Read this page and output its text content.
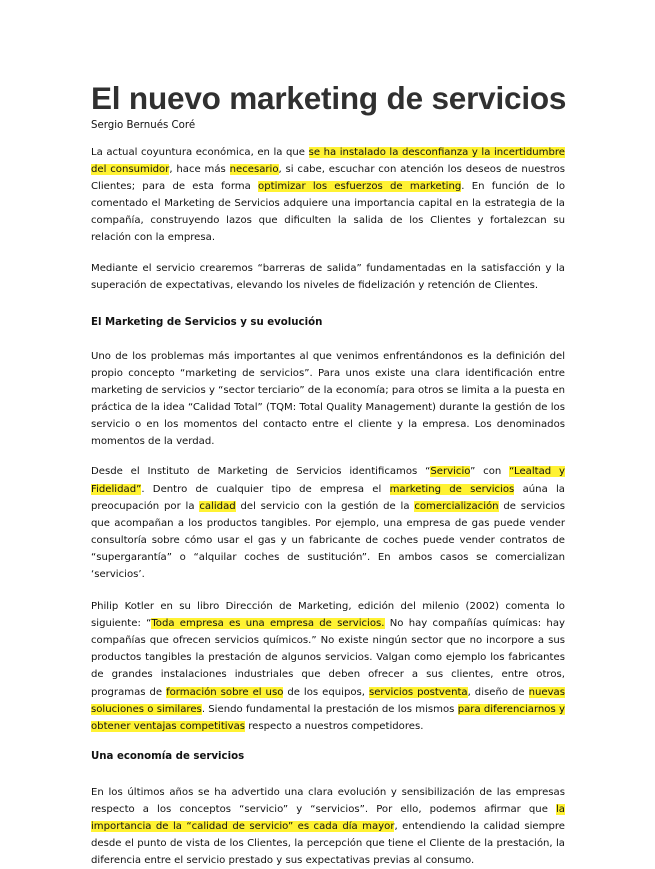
El nuevo marketing de servicios
Sergio Bernués Coré

La actual coyuntura económica, en la que se ha instalado la desconfianza y la incertidumbre del consumidor, hace más necesario, si cabe, escuchar con atención los deseos de nuestros Clientes; para de esta forma optimizar los esfuerzos de marketing. En función de lo comentado el Marketing de Servicios adquiere una importancia capital en la estrategia de la compañía, construyendo lazos que dificulten la salida de los Clientes y fortalezcan su relación con la empresa.

Mediante el servicio crearemos “barreras de salida” fundamentadas en la satisfacción y la superación de expectativas, elevando los niveles de fidelización y retención de Clientes.

El Marketing de Servicios y su evolución

Uno de los problemas más importantes al que venimos enfrentándonos es la definición del propio concepto “marketing de servicios”. Para unos existe una clara identificación entre marketing de servicios y “sector terciario” de la economía; para otros se limita a la puesta en práctica de la idea “Calidad Total” (TQM: Total Quality Management) durante la gestión de los servicio o en los momentos del contacto entre el cliente y la empresa. Los denominados momentos de la verdad.

Desde el Instituto de Marketing de Servicios identificamos “Servicio” con “Lealtad y Fidelidad”. Dentro de cualquier tipo de empresa el marketing de servicios aúna la preocupación por la calidad del servicio con la gestión de la comercialización de servicios que acompañan a los productos tangibles. Por ejemplo, una empresa de gas puede vender consultoría sobre cómo usar el gas y un fabricante de coches puede vender contratos de “supergarantía” o “alquilar coches de sustitución”. En ambos casos se comercializan ‘servicios’.

Philip Kotler en su libro Dirección de Marketing, edición del milenio (2002) comenta lo siguiente: “Toda empresa es una empresa de servicios. No hay compañías químicas: hay compañías que ofrecen servicios químicos.” No existe ningún sector que no incorpore a sus productos tangibles la prestación de algunos servicios. Valgan como ejemplo los fabricantes de grandes instalaciones industriales que deben ofrecer a sus clientes, entre otros, programas de formación sobre el uso de los equipos, servicios postventa, diseño de nuevas soluciones o similares. Siendo fundamental la prestación de los mismos para diferenciarnos y obtener ventajas competitivas respecto a nuestros competidores.

Una economía de servicios

En los últimos años se ha advertido una clara evolución y sensibilización de las empresas respecto a los conceptos “servicio” y “servicios”. Por ello, podemos afirmar que la importancia de la “calidad de servicio” es cada día mayor, entendiendo la calidad siempre desde el punto de vista de los Clientes, la percepción que tiene el Cliente de la prestación, la diferencia entre el servicio prestado y sus expectativas previas al consumo.
